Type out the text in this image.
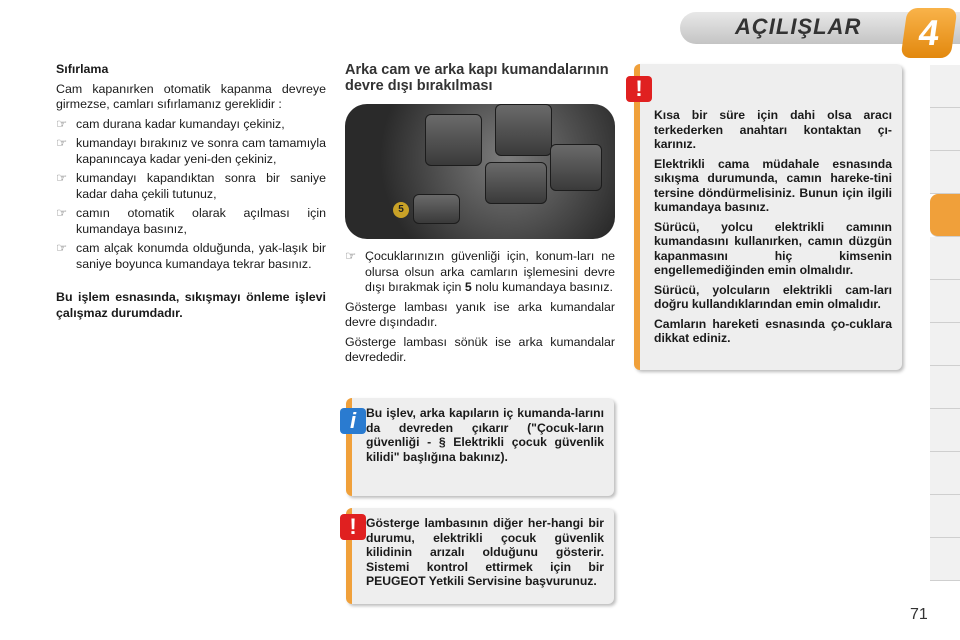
AÇILIŞLAR	4
Sıfırlama

Cam kapanırken otomatik kapanma devreye girmezse, camları sıfırlamanız gereklidir :

☞ cam durana kadar kumandayı çekiniz,
☞ kumandayı bırakınız ve sonra cam tamamıyla kapanıncaya kadar yeni-den çekiniz,
☞ kumandayı kapandıktan sonra bir saniye kadar daha çekili tutunuz,
☞ camın otomatik olarak açılması için kumandaya basınız,
☞ cam alçak konumda olduğunda, yak-laşık bir saniye boyunca kumandaya tekrar basınız.

Bu işlem esnasında, sıkışmayı önleme işlevi çalışmaz durumdadır.

Arka cam ve arka kapı kumandalarının devre dışı bırakılması
5
☞ Çocuklarınızın güvenliği için, konum-ları ne olursa olsun arka camların işlemesini devre dışı bırakmak için 5 nolu kumandaya basınız.

Gösterge lambası yanık ise arka kumandalar devre dışındadır.

Gösterge lambası sönük ise arka kumandalar devrededir.

Kısa bir süre için dahi olsa aracı terkederken anahtarı kontaktan çı-karınız.

Elektrikli cama müdahale esnasında sıkışma durumunda, camın hareke-tini tersine döndürmelisiniz. Bunun için ilgili kumandaya basınız.

Sürücü, yolcu elektrikli camının kumandasını kullanırken, camın düzgün kapanmasını hiç kimsenin engellemediğinden emin olmalıdır.

Sürücü, yolcuların elektrikli cam-ları doğru kullandıklarından emin olmalıdır.

Camların hareketi esnasında ço-cuklara dikkat ediniz.

!

Bu işlev, arka kapıların iç kumanda-larını da devreden çıkarır ("Çocuk-ların güvenliği - § Elektrikli çocuk güvenlik kilidi" başlığına bakınız).

i

Gösterge lambasının diğer her-hangi bir durumu, elektrikli çocuk güvenlik kilidinin arızalı olduğunu gösterir. Sistemi kontrol ettirmek için bir PEUGEOT Yetkili Servisine başvurunuz.

!
71
